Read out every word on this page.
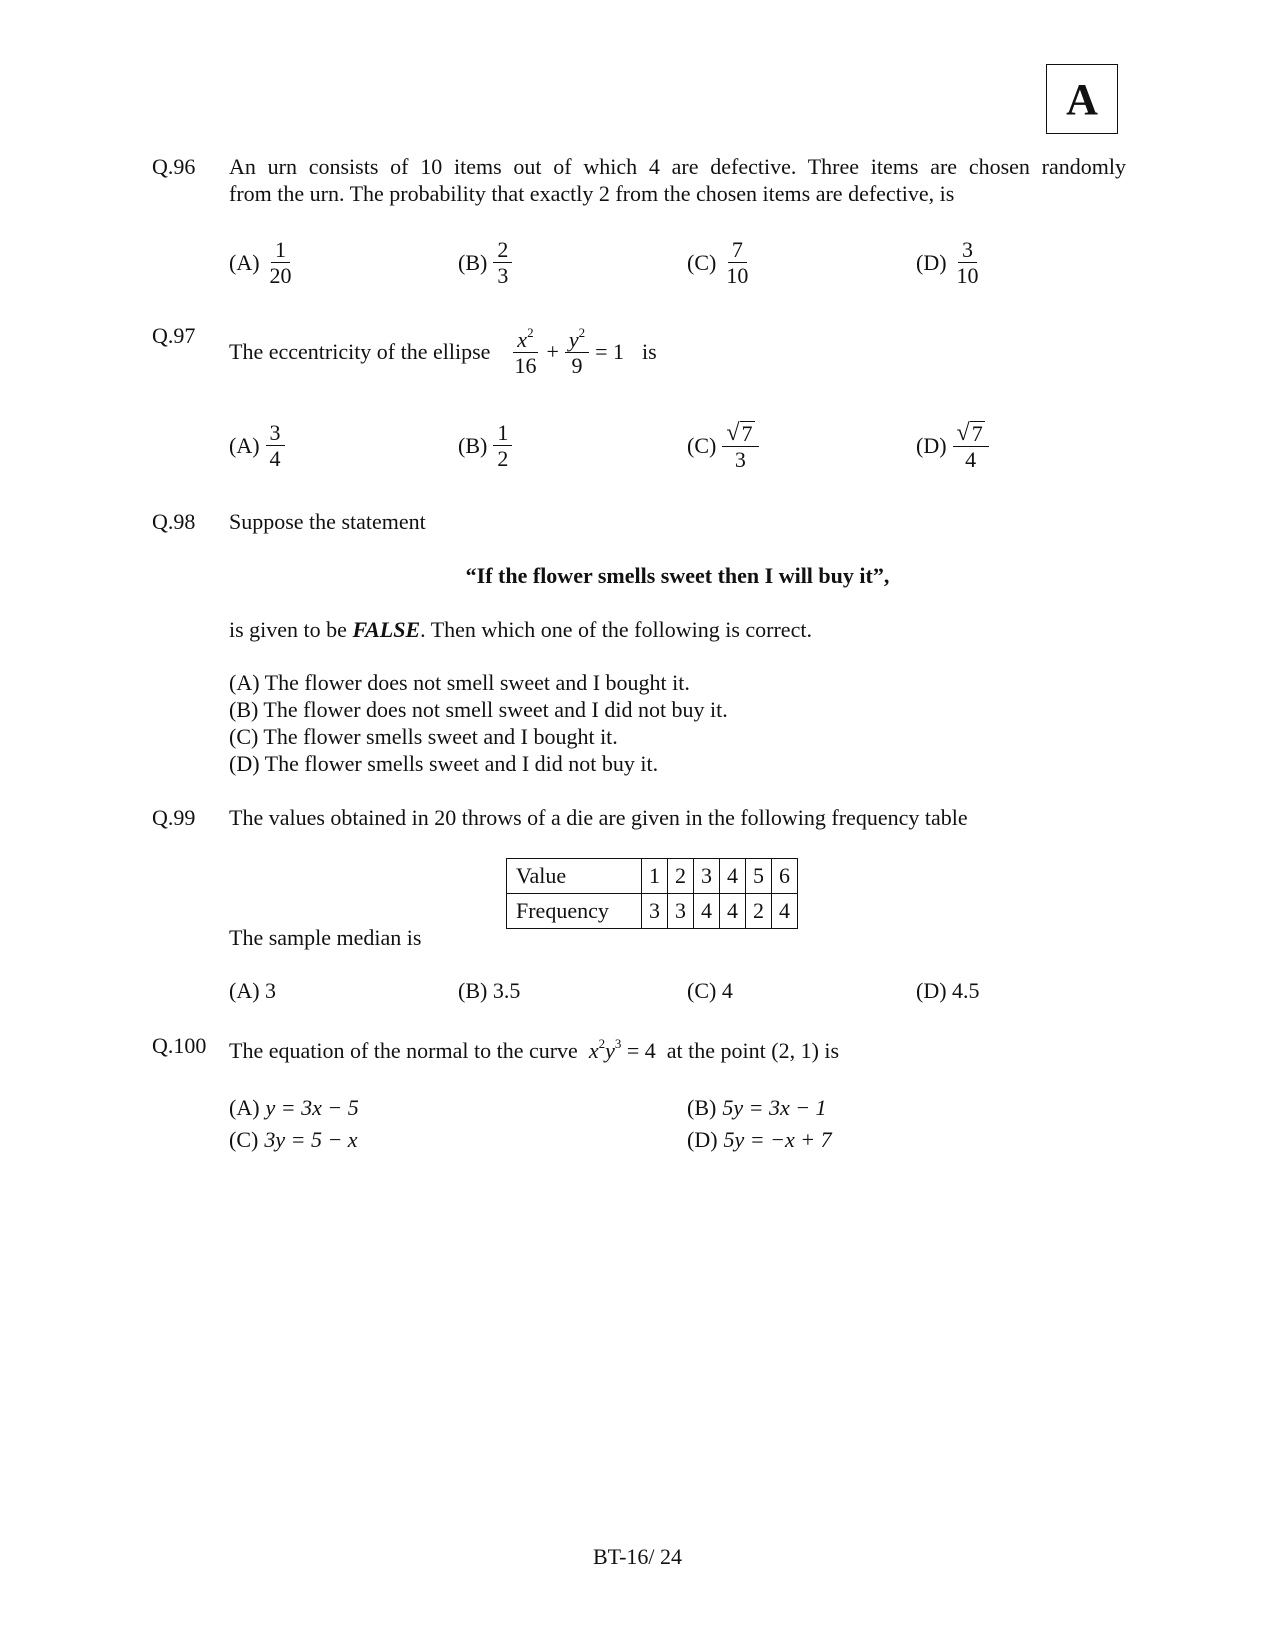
A
Q.96 An urn consists of 10 items out of which 4 are defective. Three items are chosen randomly
from the urn. The probability that exactly 2 from the chosen items are defective, is
$(A) \frac{1}{20}$	$(B) \frac{2}{3}$	$(C) \frac{7}{10}$	$(D) \frac{3}{10}$
Q.97
The eccentricity of the ellipse $\frac{x^2}{16} + \frac{y^2}{9} = 1$ is
$(A) \frac{3}{4}$	$(B) \frac{1}{2}$	$(C) \frac{√ 7}{3}$	$(D) \frac{√ 7}{4}$
Q.98 Suppose the statement
“If the flower smells sweet then I will buy it”,
is given to be FALSE. Then which one of the following is correct.
(A) The flower does not smell sweet and I bought it.
(B) The flower does not smell sweet and I did not buy it.
(C) The flower smells sweet and I bought it.
(D) The flower smells sweet and I did not buy it.
Q.99 The values obtained in 20 throws of a die are given in the following frequency table
Value	1	2	3	4	5	6
Frequency	3	3	4	4	2	4
The sample median is
(A) 3	(B) 3.5	(C) 4	(D) 4.5
Q.100 The equation of the normal to the curve $x^2y^3 = 4$ at the point (2, 1) is
(A) y = 3x − 5	(B) 5y = 3x − 1
(C) 3y = 5 − x	(D) 5y = −x + 7
BT-16/ 24
